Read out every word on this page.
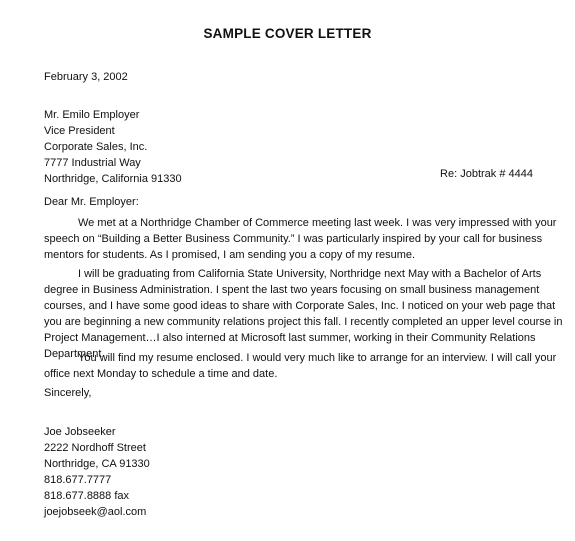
SAMPLE COVER LETTER
February 3, 2002
Mr. Emilo Employer
Vice President
Corporate Sales, Inc.
7777 Industrial Way
Northridge, California 91330	Re: Jobtrak # 4444
Dear Mr. Employer:
We met at a Northridge Chamber of Commerce meeting last week. I was very impressed with your
speech on “Building a Better Business Community.” I was particularly inspired by your call for business
mentors for students. As I promised, I am sending you a copy of my resume.
I will be graduating from California State University, Northridge next May with a Bachelor of Arts
degree in Business Administration. I spent the last two years focusing on small business management
courses, and I have some good ideas to share with Corporate Sales, Inc. I noticed on your web page that
you are beginning a new community relations project this fall. I recently completed an upper level course in
Project Management…I also interned at Microsoft last summer, working in their Community Relations
Department.
You will find my resume enclosed. I would very much like to arrange for an interview. I will call your
office next Monday to schedule a time and date.
Sincerely,
Joe Jobseeker
2222 Nordhoff Street
Northridge, CA 91330
818.677.7777
818.677.8888 fax
joejobseek@aol.com
